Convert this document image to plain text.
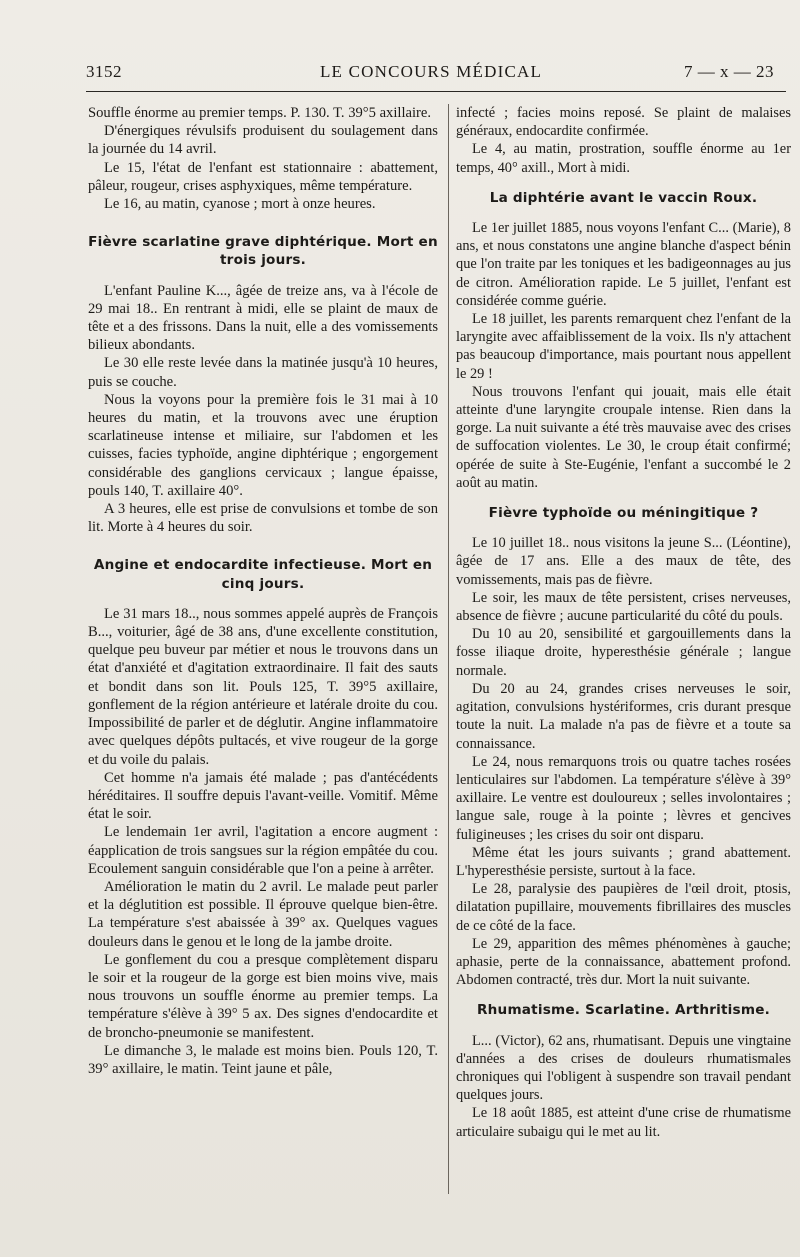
3152	LE CONCOURS MÉDICAL	7 — x — 23

Souffle énorme au premier temps. P. 130. T. 39°5 axillaire.

D'énergiques révulsifs produisent du soulagement dans la journée du 14 avril.

Le 15, l'état de l'enfant est stationnaire : abattement, pâleur, rougeur, crises asphyxiques, même température.

Le 16, au matin, cyanose ; mort à onze heures.

Fièvre scarlatine grave diphtérique. Mort en trois jours.

L'enfant Pauline K..., âgée de treize ans, va à l'école de 29 mai 18.. En rentrant à midi, elle se plaint de maux de tête et a des frissons. Dans la nuit, elle a des vomissements bilieux abondants.

Le 30 elle reste levée dans la matinée jusqu'à 10 heures, puis se couche.

Nous la voyons pour la première fois le 31 mai à 10 heures du matin, et la trouvons avec une éruption scarlatineuse intense et miliaire, sur l'abdomen et les cuisses, facies typhoïde, angine diphtérique ; engorgement considérable des ganglions cervicaux ; langue épaisse, pouls 140, T. axillaire 40°.

A 3 heures, elle est prise de convulsions et tombe de son lit. Morte à 4 heures du soir.

Angine et endocardite infectieuse. Mort en cinq jours.

Le 31 mars 18.., nous sommes appelé auprès de François B..., voiturier, âgé de 38 ans, d'une excellente constitution, quelque peu buveur par métier et nous le trouvons dans un état d'anxiété et d'agitation extraordinaire. Il fait des sauts et bondit dans son lit. Pouls 125, T. 39°5 axillaire, gonflement de la région antérieure et latérale droite du cou. Impossibilité de parler et de déglutir. Angine inflammatoire avec quelques dépôts pultacés, et vive rougeur de la gorge et du voile du palais.

Cet homme n'a jamais été malade ; pas d'antécédents héréditaires. Il souffre depuis l'avant-veille. Vomitif. Même état le soir.

Le lendemain 1er avril, l'agitation a encore augment : éapplication de trois sangsues sur la région empâtée du cou. Ecoulement sanguin considérable que l'on a peine à arrêter.

Amélioration le matin du 2 avril. Le malade peut parler et la déglutition est possible. Il éprouve quelque bien-être. La température s'est abaissée à 39° ax. Quelques vagues douleurs dans le genou et le long de la jambe droite.

Le gonflement du cou a presque complètement disparu le soir et la rougeur de la gorge est bien moins vive, mais nous trouvons un souffle énorme au premier temps. La température s'élève à 39° 5 ax. Des signes d'endocardite et de broncho-pneumonie se manifestent.

Le dimanche 3, le malade est moins bien. Pouls 120, T. 39° axillaire, le matin. Teint jaune et pâle,

infecté ; facies moins reposé. Se plaint de malaises généraux, endocardite confirmée.

Le 4, au matin, prostration, souffle énorme au 1er temps, 40° axill., Mort à midi.

La diphtérie avant le vaccin Roux.

Le 1er juillet 1885, nous voyons l'enfant C... (Marie), 8 ans, et nous constatons une angine blanche d'aspect bénin que l'on traite par les toniques et les badigeonnages au jus de citron. Amélioration rapide. Le 5 juillet, l'enfant est considérée comme guérie.

Le 18 juillet, les parents remarquent chez l'enfant de la laryngite avec affaiblissement de la voix. Ils n'y attachent pas beaucoup d'importance, mais pourtant nous appellent le 29 !

Nous trouvons l'enfant qui jouait, mais elle était atteinte d'une laryngite croupale intense. Rien dans la gorge. La nuit suivante a été très mauvaise avec des crises de suffocation violentes. Le 30, le croup était confirmé; opérée de suite à Ste-Eugénie, l'enfant a succombé le 2 août au matin.

Fièvre typhoïde ou méningitique ?

Le 10 juillet 18.. nous visitons la jeune S... (Léontine), âgée de 17 ans. Elle a des maux de tête, des vomissements, mais pas de fièvre.

Le soir, les maux de tête persistent, crises nerveuses, absence de fièvre ; aucune particularité du côté du pouls.

Du 10 au 20, sensibilité et gargouillements dans la fosse iliaque droite, hyperesthésie générale ; langue normale.

Du 20 au 24, grandes crises nerveuses le soir, agitation, convulsions hystériformes, cris durant presque toute la nuit. La malade n'a pas de fièvre et a toute sa connaissance.

Le 24, nous remarquons trois ou quatre taches rosées lenticulaires sur l'abdomen. La température s'élève à 39° axillaire. Le ventre est douloureux ; selles involontaires ; langue sale, rouge à la pointe ; lèvres et gencives fuligineuses ; les crises du soir ont disparu.

Même état les jours suivants ; grand abattement. L'hyperesthésie persiste, surtout à la face.

Le 28, paralysie des paupières de l'œil droit, ptosis, dilatation pupillaire, mouvements fibrillaires des muscles de ce côté de la face.

Le 29, apparition des mêmes phénomènes à gauche; aphasie, perte de la connaissance, abattement profond. Abdomen contracté, très dur. Mort la nuit suivante.

Rhumatisme. Scarlatine. Arthritisme.

L... (Victor), 62 ans, rhumatisant. Depuis une vingtaine d'années a des crises de douleurs rhumatismales chroniques qui l'obligent à suspendre son travail pendant quelques jours.

Le 18 août 1885, est atteint d'une crise de rhumatisme articulaire subaigu qui le met au lit.
